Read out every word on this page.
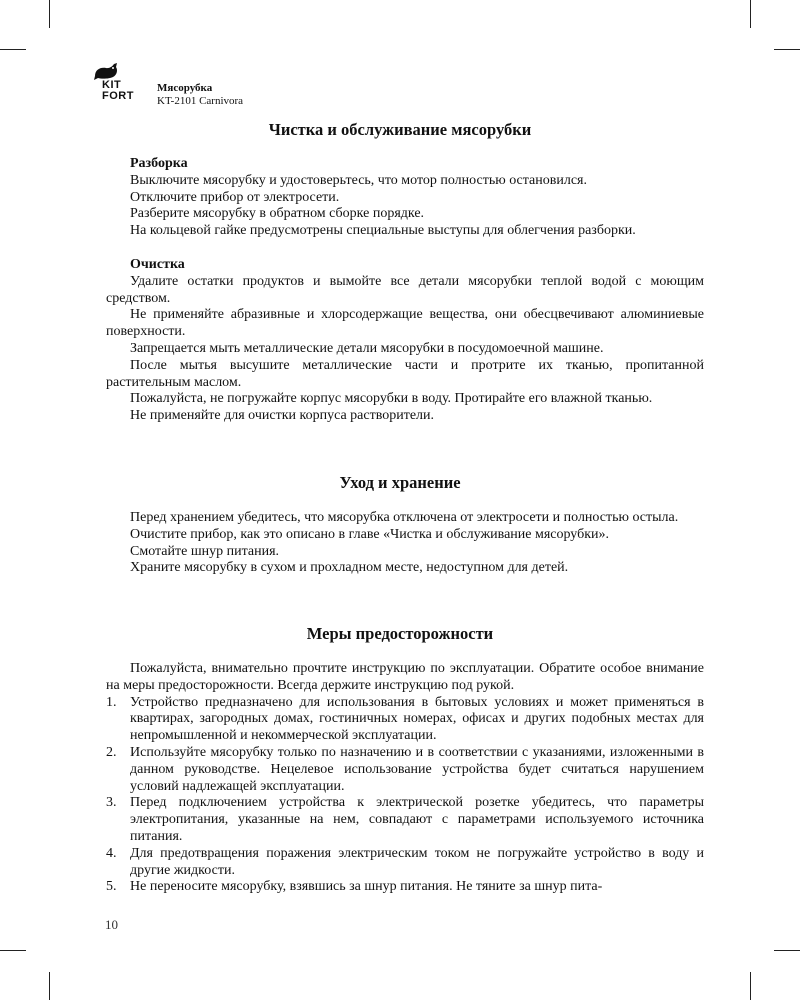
KIT
FORT
Мясорубка
KT-2101 Carnivora
Чистка и обслуживание мясорубки
Разборка
Выключите мясорубку и удостоверьтесь, что мотор полностью остановился.
Отключите прибор от электросети.
Разберите мясорубку в обратном сборке порядке.
На кольцевой гайке предусмотрены специальные выступы для облегчения разборки.
Очистка

Удалите остатки продуктов и вымойте все детали мясорубки теплой водой с моющим средством.

Не применяйте абразивные и хлорсодержащие вещества, они обесцвечивают алюминиевые поверхности.

Запрещается мыть металлические детали мясорубки в посудомоечной машине.

После мытья высушите металлические части и протрите их тканью, пропитанной растительным маслом.

Пожалуйста, не погружайте корпус мясорубки в воду. Протирайте его влажной тканью.

Не применяйте для очистки корпуса растворители.

Уход и хранение

Перед хранением убедитесь, что мясорубка отключена от электросети и полностью остыла.

Очистите прибор, как это описано в главе «Чистка и обслуживание мясорубки».

Смотайте шнур питания.

Храните мясорубку в сухом и прохладном месте, недоступном для детей.

Меры предосторожности

Пожалуйста, внимательно прочтите инструкцию по эксплуатации. Обратите особое внимание на меры предосторожности. Всегда держите инструкцию под рукой.

1. Устройство предназначено для использования в бытовых условиях и может применяться в квартирах, загородных домах, гостиничных номерах, офисах и других подобных местах для непромышленной и некоммерческой эксплуатации.

2. Используйте мясорубку только по назначению и в соответствии с указаниями, изложенными в данном руководстве. Нецелевое использование устройства будет считаться нарушением условий надлежащей эксплуатации.

3. Перед подключением устройства к электрической розетке убедитесь, что параметры электропитания, указанные на нем, совпадают с параметрами используемого источника питания.

4. Для предотвращения поражения электрическим током не погружайте устройство в воду и другие жидкости.

5. Не переносите мясорубку, взявшись за шнур питания. Не тяните за шнур пита-

10
